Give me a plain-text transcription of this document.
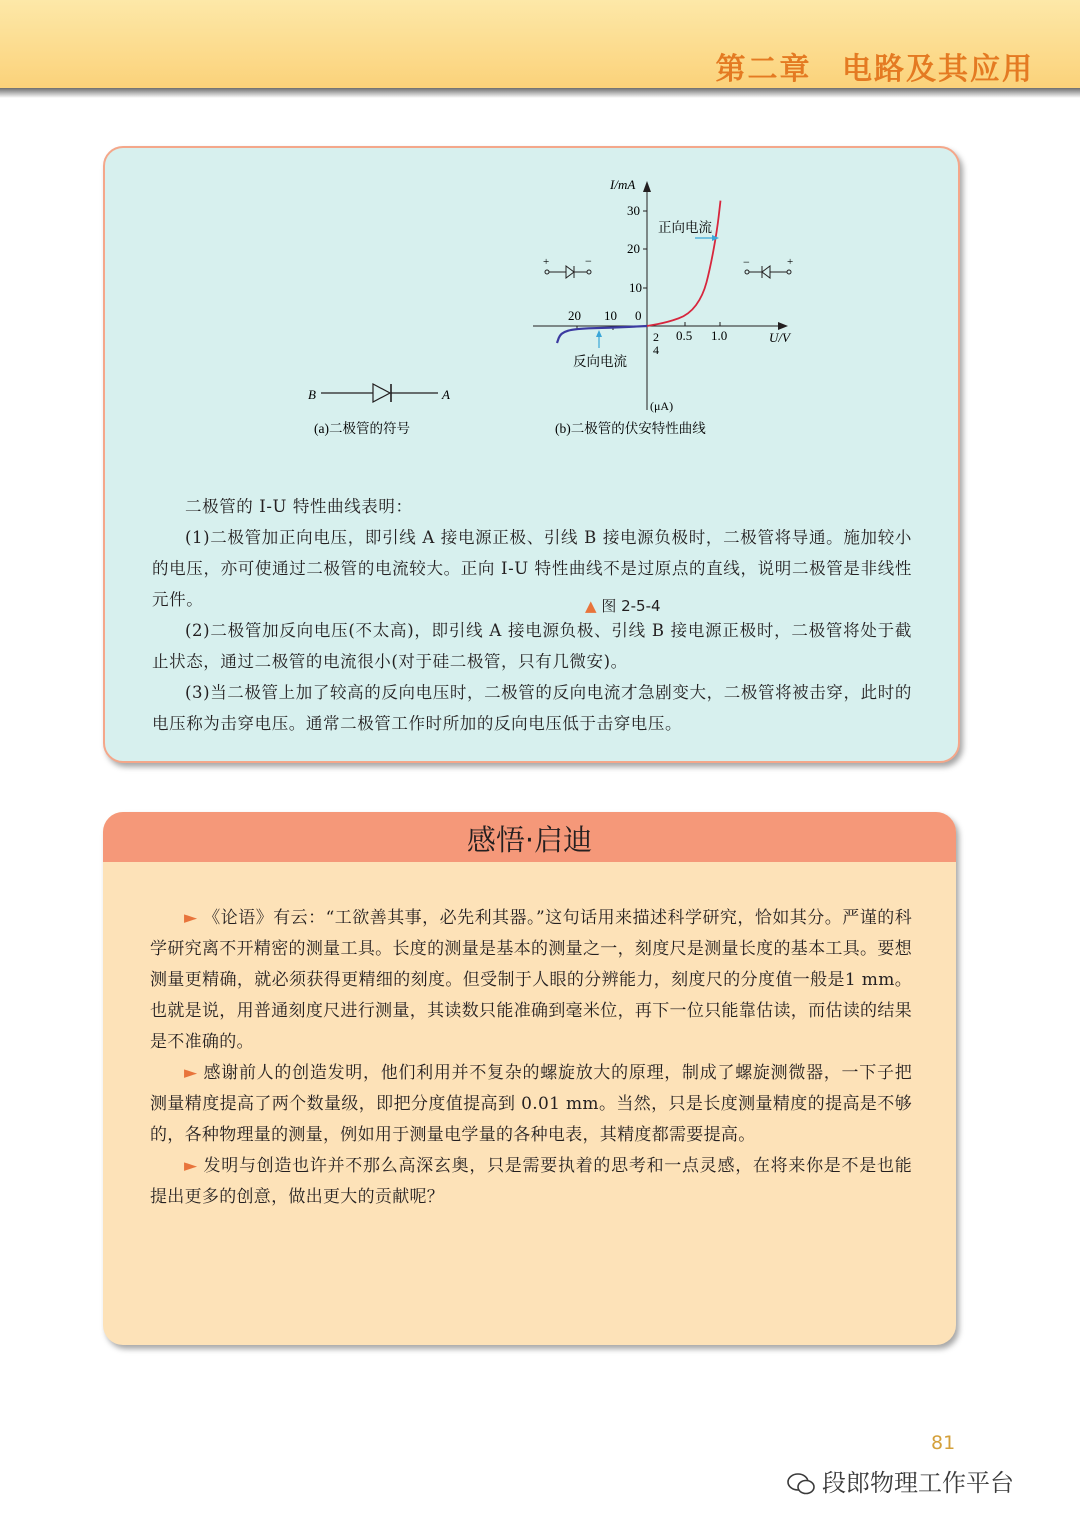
第二章 电路及其应用
B	A
(a)二极管的符号
+	−	−	+
I/mA
U/V
30
20
10
2
4
(μA)
0.5 1.0
20 10 0
正向电流
反向电流
(b)二极管的伏安特性曲线
▲ 图 2-5-4

二极管的 I-U 特性曲线表明：

(1)二极管加正向电压，即引线 A 接电源正极、引线 B 接电源负极时，二极管将导通。施加较小的电压，亦可使通过二极管的电流较大。正向 I-U 特性曲线不是过原点的直线，说明二极管是非线性元件。

(2)二极管加反向电压(不太高)，即引线 A 接电源负极、引线 B 接电源正极时，二极管将处于截止状态，通过二极管的电流很小(对于硅二极管，只有几微安)。

(3)当二极管上加了较高的反向电压时，二极管的反向电流才急剧变大，二极管将被击穿，此时的电压称为击穿电压。通常二极管工作时所加的反向电压低于击穿电压。

感悟·启迪

► 《论语》有云：“工欲善其事，必先利其器。”这句话用来描述科学研究，恰如其分。严谨的科学研究离不开精密的测量工具。长度的测量是基本的测量之一，刻度尺是测量长度的基本工具。要想测量更精确，就必须获得更精细的刻度。但受制于人眼的分辨能力，刻度尺的分度值一般是1 mm。也就是说，用普通刻度尺进行测量，其读数只能准确到毫米位，再下一位只能靠估读，而估读的结果是不准确的。

► 感谢前人的创造发明，他们利用并不复杂的螺旋放大的原理，制成了螺旋测微器，一下子把测量精度提高了两个数量级，即把分度值提高到 0.01 mm。当然，只是长度测量精度的提高是不够的，各种物理量的测量，例如用于测量电学量的各种电表，其精度都需要提高。

► 发明与创造也许并不那么高深玄奥，只是需要执着的思考和一点灵感，在将来你是不是也能提出更多的创意，做出更大的贡献呢？

81
段郎物理工作平台
